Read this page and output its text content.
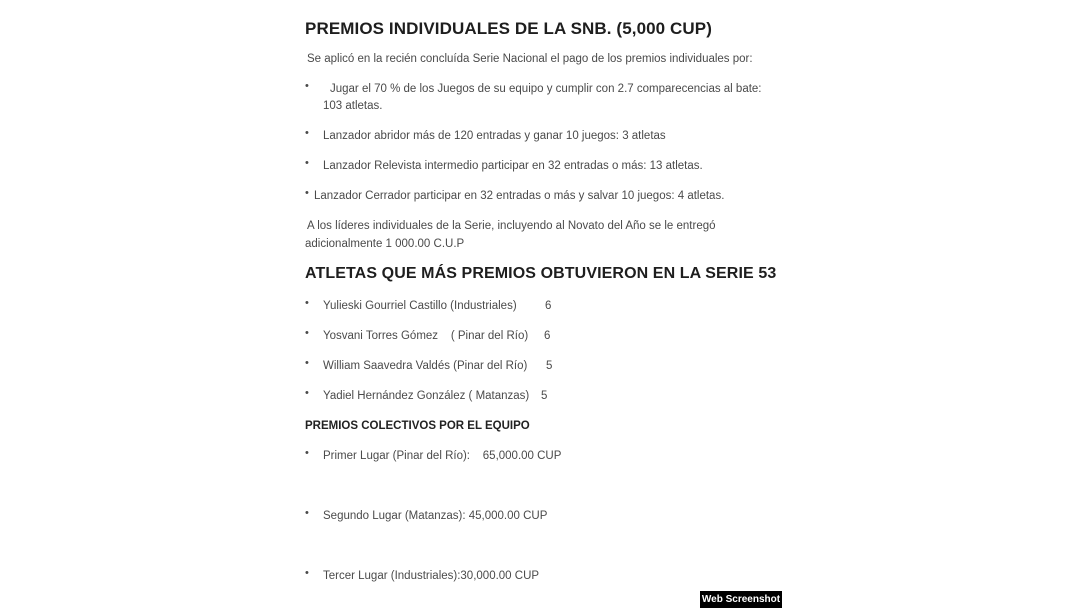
PREMIOS INDIVIDUALES DE LA SNB. (5,000 CUP)
Se aplicó en la recién concluída Serie Nacional el pago de los premios individuales por:
• Jugar el 70 % de los Juegos de su equipo y cumplir con 2.7 comparecencias al bate:
103 atletas.
• Lanzador abridor más de 120 entradas y ganar 10 juegos: 3 atletas
• Lanzador Relevista intermedio participar en 32 entradas o más: 13 atletas.
• Lanzador Cerrador participar en 32 entradas o más y salvar 10 juegos: 4 atletas.
A los líderes individuales de la Serie, incluyendo al Novato del Año se le entregó
adicionalmente 1 000.00 C.U.P
ATLETAS QUE MÁS PREMIOS OBTUVIERON EN LA SERIE 53
• Yulieski Gourriel Castillo (Industriales) 6
• Yosvani Torres Gómez    ( Pinar del Río) 6
• William Saavedra Valdés (Pinar del Río) 5
• Yadiel Hernández González ( Matanzas) 5
PREMIOS COLECTIVOS POR EL EQUIPO
• Primer Lugar (Pinar del Río):    65,000.00 CUP
• Segundo Lugar (Matanzas): 45,000.00 CUP
• Tercer Lugar (Industriales):30,000.00 CUP
Web Screenshot
